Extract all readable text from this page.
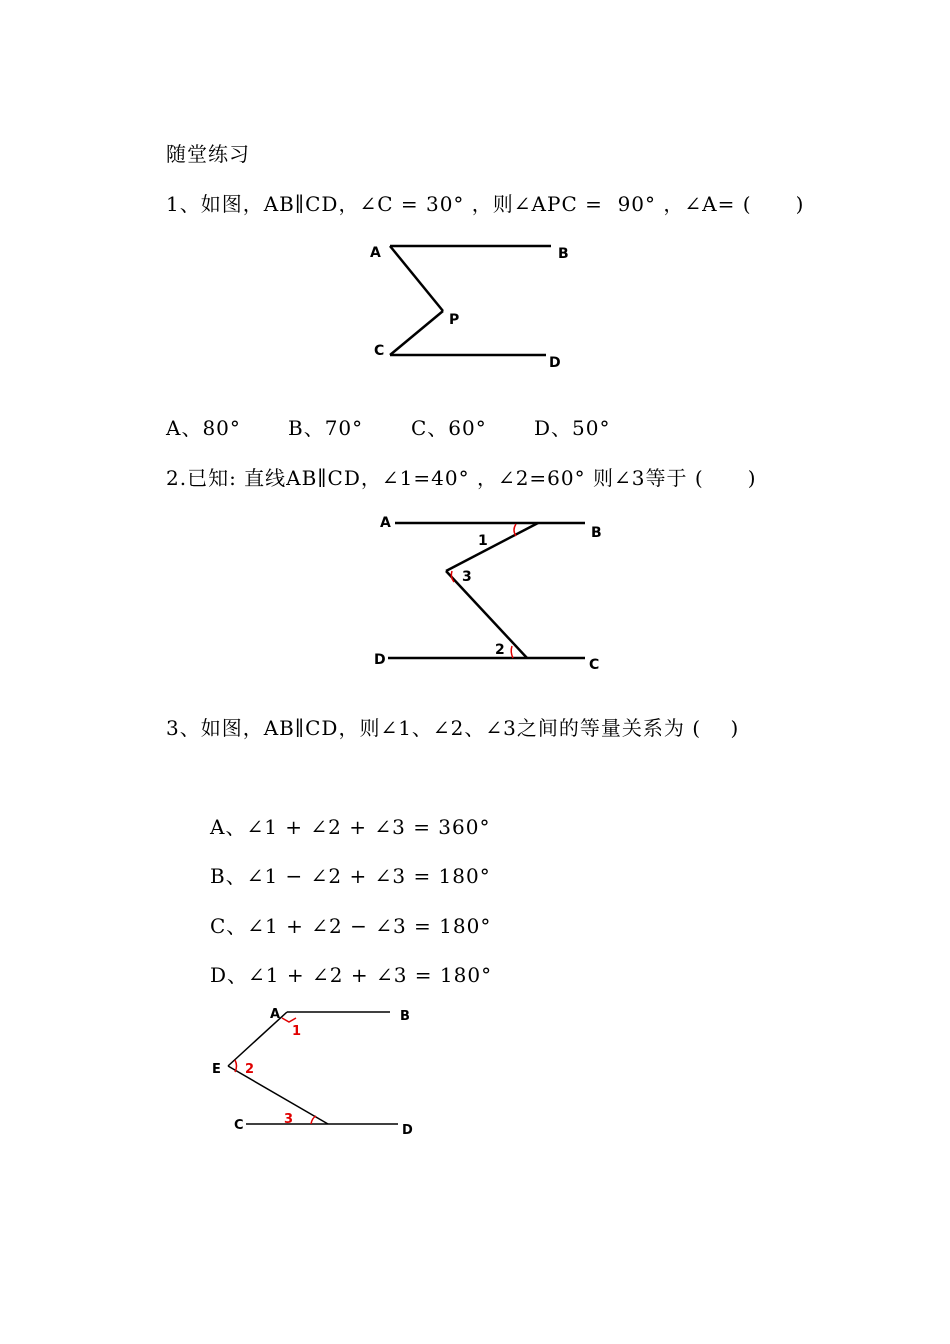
随堂练习
1、如图，AB∥CD，∠C = 30° ，则∠APC =  90° ，∠A= (      )
A	B
P
C
D

A、80°

B、70°

C、60°

D、50°

2.已知: 直线AB∥CD，∠1=40° ，∠2=60° 则∠3等于 (      )
A
B
1
3
2
D	C
3、如图，AB∥CD，则∠1、∠2、∠3之间的等量关系为 (    )
A、∠1 + ∠2 + ∠3 = 360°
B、∠1 − ∠2 + ∠3 = 180°
C、∠1 + ∠2 − ∠3 = 180°
D、∠1 + ∠2 + ∠3 = 180°
A	B
1
E 2
3
C	D
